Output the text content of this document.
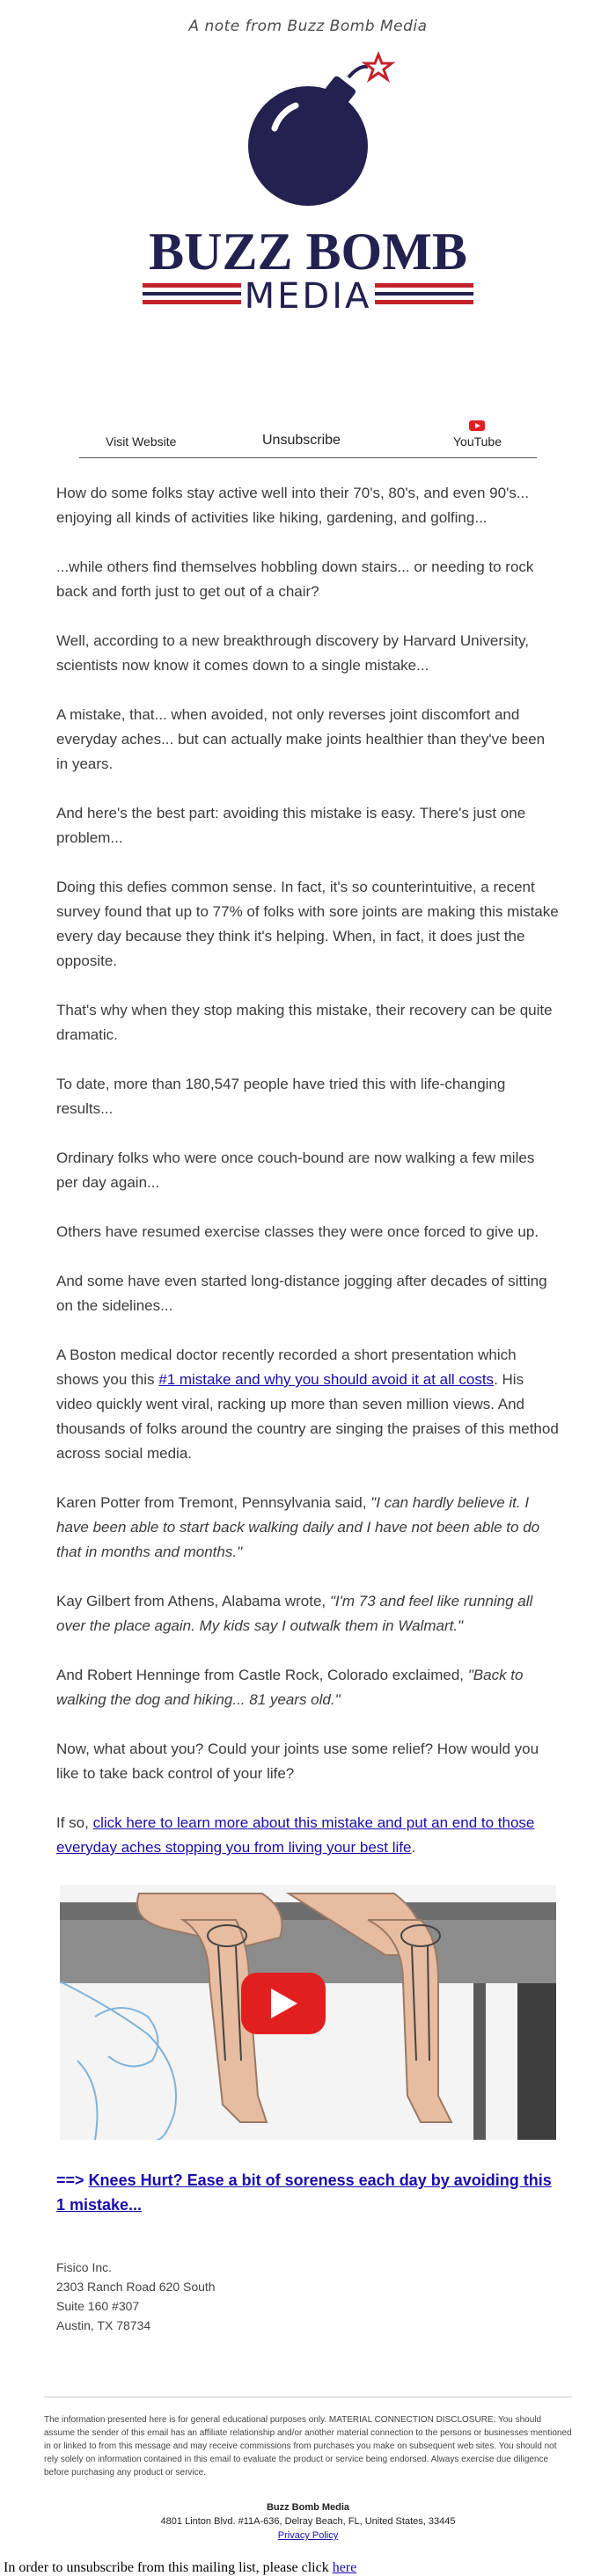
A note from Buzz Bomb Media
BUZZ BOMB
MEDIA
Visit Website	Unsubscribe	YouTube

How do some folks stay active well into their 70's, 80's, and even 90's... enjoying all kinds of activities like hiking, gardening, and golfing...

...while others find themselves hobbling down stairs... or needing to rock back and forth just to get out of a chair?

Well, according to a new breakthrough discovery by Harvard University, scientists now know it comes down to a single mistake...

A mistake, that... when avoided, not only reverses joint discomfort and everyday aches... but can actually make joints healthier than they've been in years.

And here's the best part: avoiding this mistake is easy. There's just one problem...

Doing this defies common sense. In fact, it's so counterintuitive, a recent survey found that up to 77% of folks with sore joints are making this mistake every day because they think it's helping. When, in fact, it does just the opposite.

That's why when they stop making this mistake, their recovery can be quite dramatic.

To date, more than 180,547 people have tried this with life-changing results...

Ordinary folks who were once couch-bound are now walking a few miles per day again...

Others have resumed exercise classes they were once forced to give up.

And some have even started long-distance jogging after decades of sitting on the sidelines...

A Boston medical doctor recently recorded a short presentation which shows you this #1 mistake and why you should avoid it at all costs. His video quickly went viral, racking up more than seven million views. And thousands of folks around the country are singing the praises of this method across social media.

Karen Potter from Tremont, Pennsylvania said, "I can hardly believe it. I have been able to start back walking daily and I have not been able to do that in months and months."

Kay Gilbert from Athens, Alabama wrote, "I'm 73 and feel like running all over the place again. My kids say I outwalk them in Walmart."

And Robert Henninge from Castle Rock, Colorado exclaimed, "Back to walking the dog and hiking... 81 years old."

Now, what about you? Could your joints use some relief? How would you like to take back control of your life?

If so, click here to learn more about this mistake and put an end to those everyday aches stopping you from living your best life.

==> Knees Hurt? Ease a bit of soreness each day by avoiding this 1 mistake...
Fisico Inc.
2303 Ranch Road 620 South
Suite 160 #307
Austin, TX 78734
The information presented here is for general educational purposes only. MATERIAL CONNECTION DISCLOSURE: You should assume the sender of this email has an affiliate relationship and/or another material connection to the persons or businesses mentioned in or linked to from this message and may receive commissions from purchases you make on subsequent web sites. You should not rely solely on information contained in this email to evaluate the product or service being endorsed. Always exercise due diligence before purchasing any product or service.
Buzz Bomb Media
4801 Linton Blvd. #11A-636, Delray Beach, FL, United States, 33445
Privacy Policy
In order to unsubscribe from this mailing list, please click here
